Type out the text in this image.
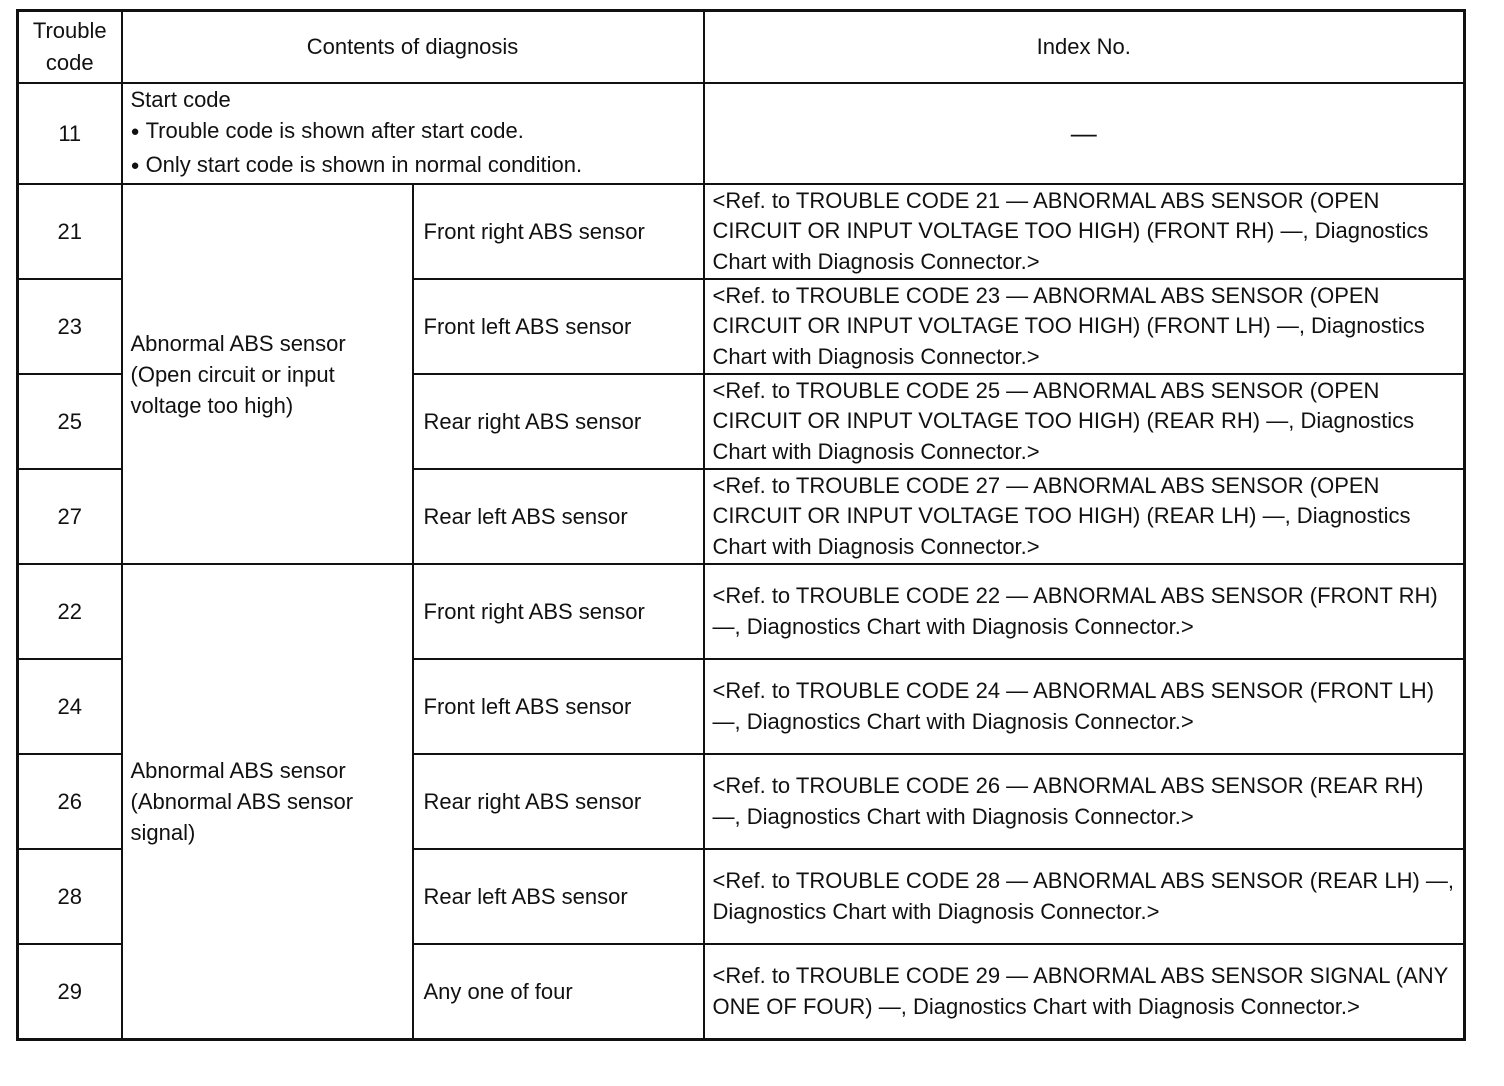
Trouble code	Contents of diagnosis		Index No.
11	Start code
● Trouble code is shown after start code.
● Only start code is shown in normal condition.		—
21	Abnormal ABS sensor (Open circuit or input voltage too high)	Front right ABS sensor	<Ref. to TROUBLE CODE 21 — ABNORMAL ABS SENSOR (OPEN CIRCUIT OR INPUT VOLTAGE TOO HIGH) (FRONT RH) —, Diagnostics Chart with Diagnosis Connector.>
23		Front left ABS sensor	<Ref. to TROUBLE CODE 23 — ABNORMAL ABS SENSOR (OPEN CIRCUIT OR INPUT VOLTAGE TOO HIGH) (FRONT LH) —, Diagnostics Chart with Diagnosis Connector.>
25		Rear right ABS sensor	<Ref. to TROUBLE CODE 25 — ABNORMAL ABS SENSOR (OPEN CIRCUIT OR INPUT VOLTAGE TOO HIGH) (REAR RH) —, Diagnostics Chart with Diagnosis Connector.>
27		Rear left ABS sensor	<Ref. to TROUBLE CODE 27 — ABNORMAL ABS SENSOR (OPEN CIRCUIT OR INPUT VOLTAGE TOO HIGH) (REAR LH) —, Diagnostics Chart with Diagnosis Connector.>
22	Abnormal ABS sensor (Abnormal ABS sensor signal)	Front right ABS sensor	<Ref. to TROUBLE CODE 22 — ABNORMAL ABS SENSOR (FRONT RH) —, Diagnostics Chart with Diagnosis Connector.>
24		Front left ABS sensor	<Ref. to TROUBLE CODE 24 — ABNORMAL ABS SENSOR (FRONT LH) —, Diagnostics Chart with Diagnosis Connector.>
26		Rear right ABS sensor	<Ref. to TROUBLE CODE 26 — ABNORMAL ABS SENSOR (REAR RH) —, Diagnostics Chart with Diagnosis Connector.>
28		Rear left ABS sensor	<Ref. to TROUBLE CODE 28 — ABNORMAL ABS SENSOR (REAR LH) —, Diagnostics Chart with Diagnosis Connector.>
29		Any one of four	<Ref. to TROUBLE CODE 29 — ABNORMAL ABS SENSOR SIGNAL (ANY ONE OF FOUR) —, Diagnostics Chart with Diagnosis Connector.>
